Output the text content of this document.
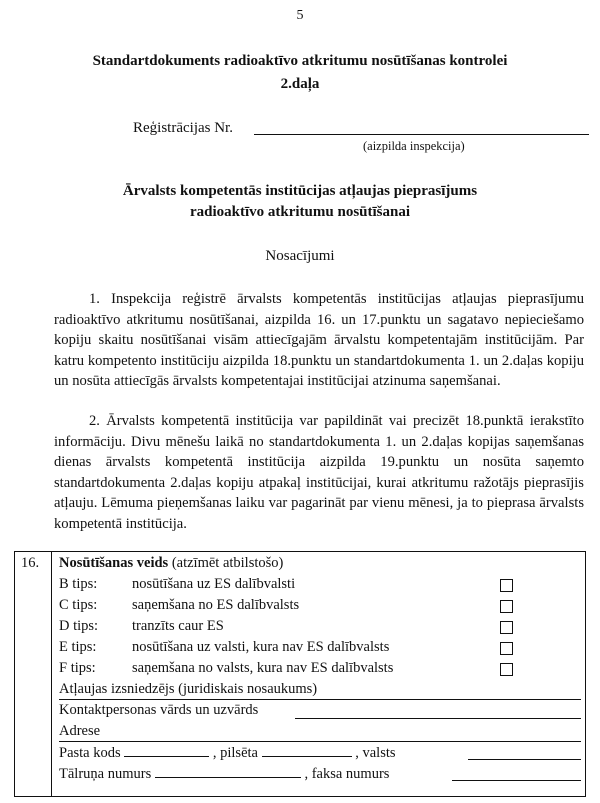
5
Standartdokuments radioaktīvo atkritumu nosūtīšanas kontrolei
2.daļa
Reģistrācijas Nr.
(aizpilda inspekcija)
Ārvalsts kompetentās institūcijas atļaujas pieprasījums
radioaktīvo atkritumu nosūtīšanai
Nosacījumi
1. Inspekcija reģistrē ārvalsts kompetentās institūcijas atļaujas pieprasījumu radioaktīvo atkritumu nosūtīšanai, aizpilda 16. un 17.punktu un sagatavo nepieciešamo kopiju skaitu nosūtīšanai visām attiecīgajām ārvalstu kompetentajām institūcijām. Par katru kompetento institūciju aizpilda 18.punktu un standartdokumenta 1. un 2.daļas kopiju un nosūta attiecīgās ārvalsts kompetentajai institūcijai atzinuma saņemšanai.
2. Ārvalsts kompetentā institūcija var papildināt vai precizēt 18.punktā ierakstīto informāciju. Divu mēnešu laikā no standartdokumenta 1. un 2.daļas kopijas saņemšanas dienas ārvalsts kompetentā institūcija aizpilda 19.punktu un nosūta saņemto standartdokumenta 2.daļas kopiju atpakaļ institūcijai, kurai atkritumu ražotājs pieprasījis atļauju. Lēmuma pieņemšanas laiku var pagarināt par vienu mēnesi, ja to pieprasa ārvalsts kompetentā institūcija.
16. Nosūtīšanas veids (atzīmēt atbilstošo)
B tips: nosūtīšana uz ES dalībvalsti
C tips: saņemšana no ES dalībvalsts
D tips: tranzīts caur ES
E tips: nosūtīšana uz valsti, kura nav ES dalībvalsts
F tips:	saņemšana no valsts, kura nav ES dalībvalsts
Atļaujas izsniedzējs (juridiskais nosaukums)
Kontaktpersonas vārds un uzvārds
Adrese
Pasta kods	, pilsēta	, valsts
Tālruņa numurs	, faksa numurs
